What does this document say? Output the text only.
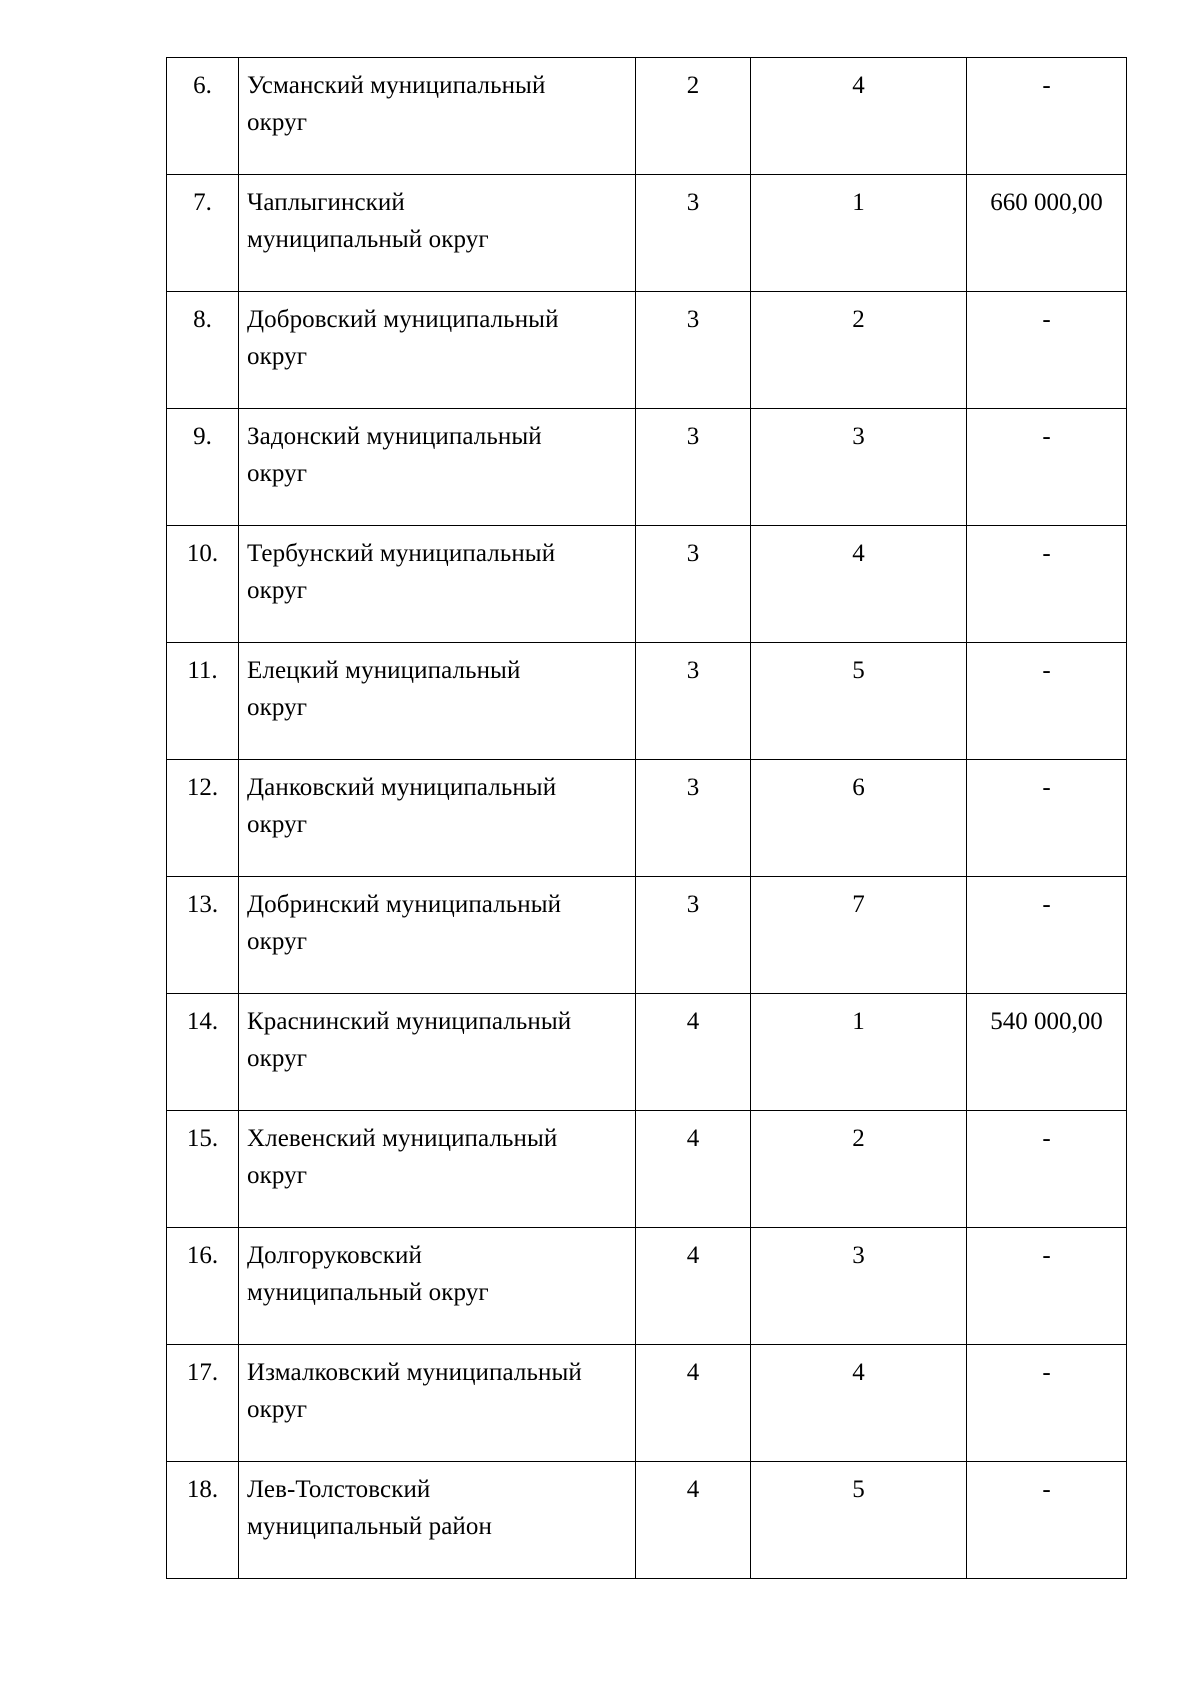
6.	Усманский муниципальный
округ	2	4	-
7.	Чаплыгинский
муниципальный округ	3	1	660 000,00
8.	Добровский муниципальный
округ	3	2	-
9.	Задонский муниципальный
округ	3	3	-
10.	Тербунский муниципальный
округ	3	4	-
11.	Елецкий муниципальный
округ	3	5	-
12.	Данковский муниципальный
округ	3	6	-
13.	Добринский муниципальный
округ	3	7	-
14.	Краснинский муниципальный
округ	4	1	540 000,00
15.	Хлевенский муниципальный
округ	4	2	-
16.	Долгоруковский
муниципальный округ	4	3	-
17.	Измалковский муниципальный
округ	4	4	-
18.	Лев-Толстовский
муниципальный район	4	5	-
